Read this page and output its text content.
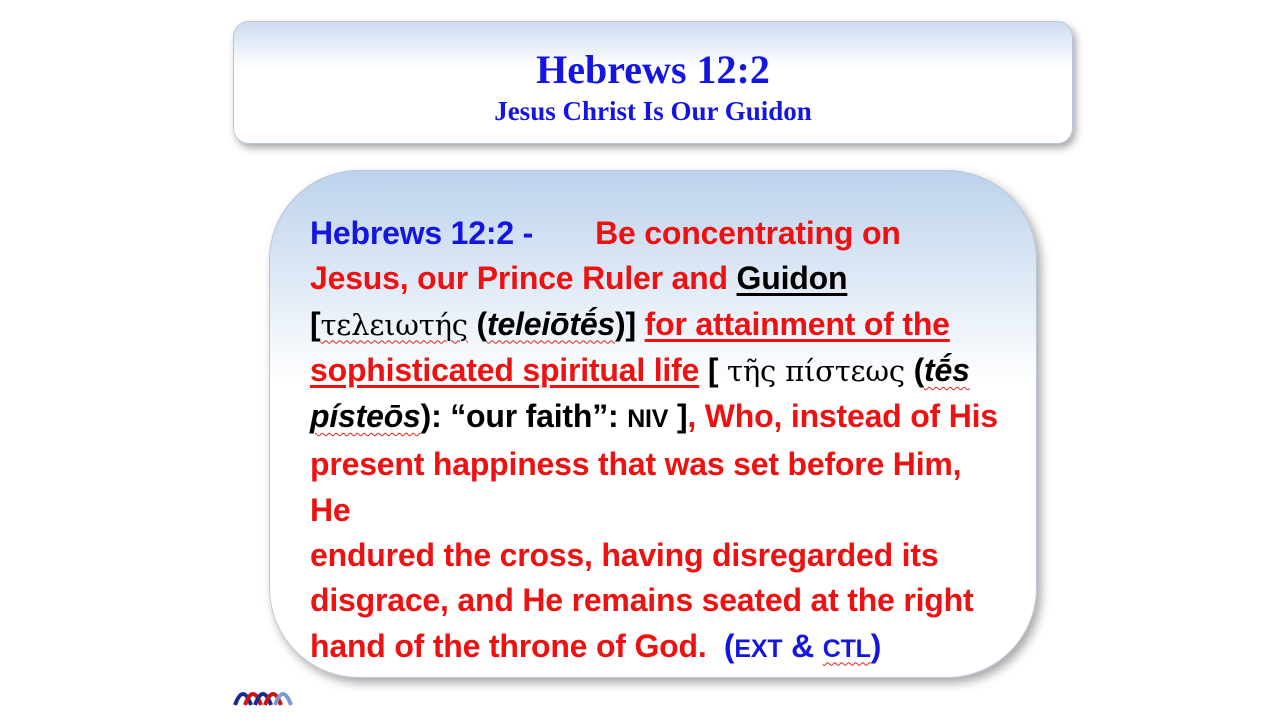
Hebrews 12:2
Jesus Christ Is Our Guidon
Hebrews 12:2 - Be concentrating on
Jesus, our Prince Ruler and Guidon
[τελειωτής (teleiōtḗs)] for attainment of the
sophisticated spiritual life [ τῆς πίστεως (tḗs
písteōs): “our faith”: NIV ], Who, instead of His
present happiness that was set before Him, He
endured the cross, having disregarded its
disgrace, and He remains seated at the right
hand of the throne of God. (EXT & CTL)
